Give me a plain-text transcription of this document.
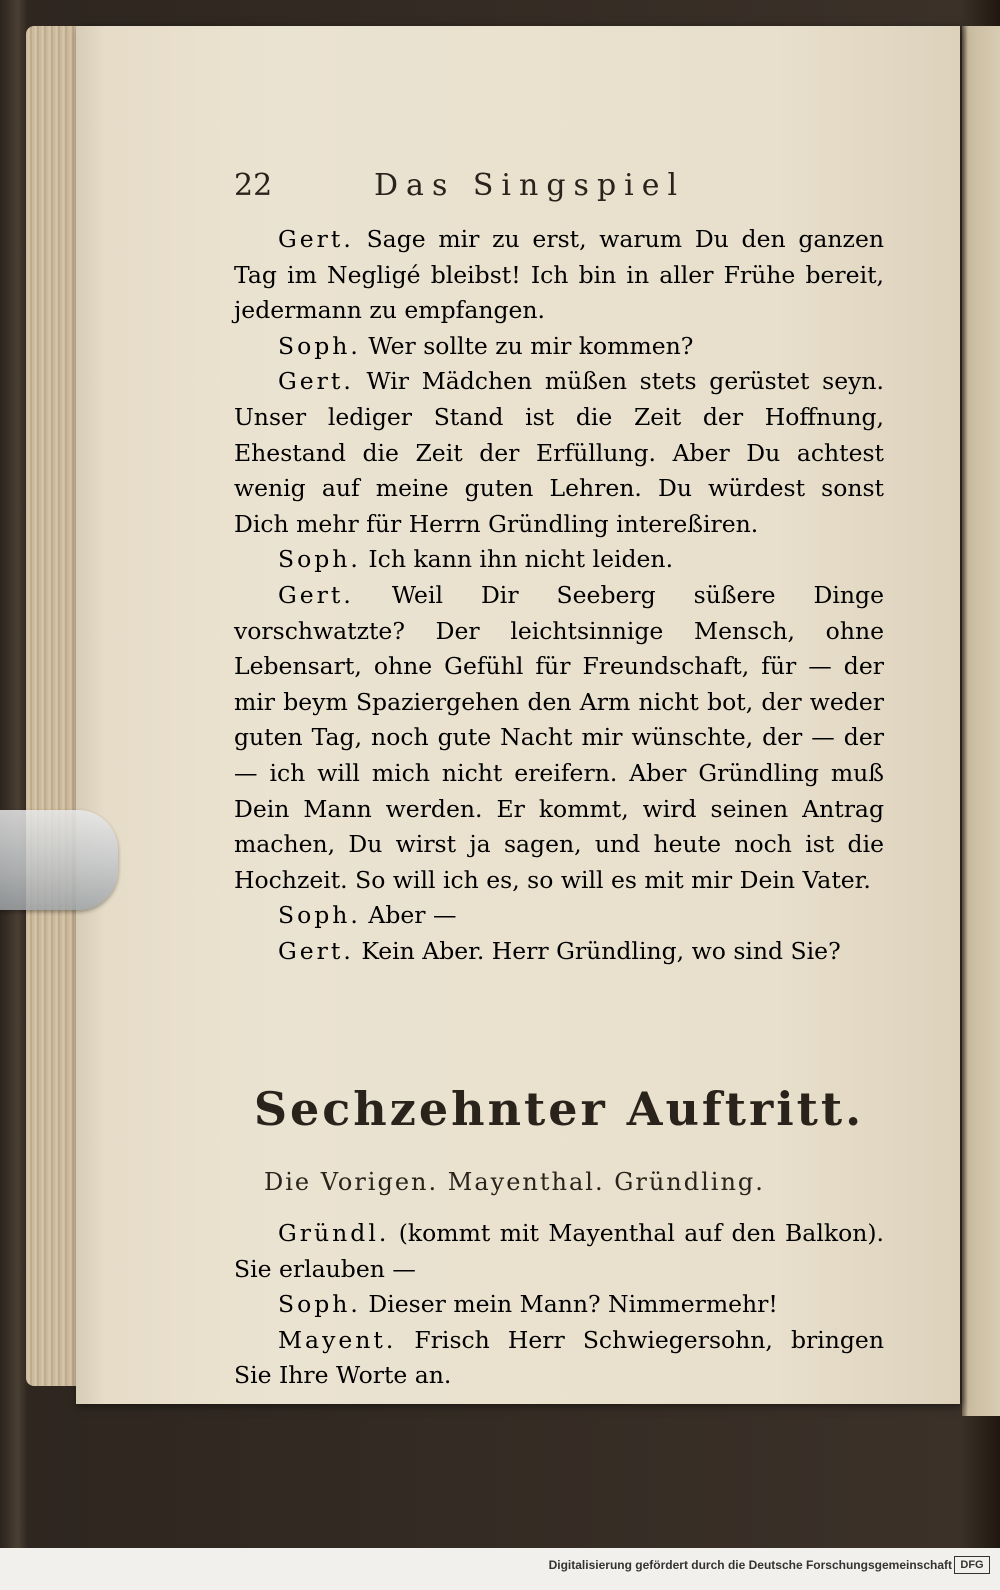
22	Das Singspiel

Gert. Sage mir zu erst, warum Du den ganzen Tag im Negligé bleibst! Ich bin in aller Frühe bereit, jedermann zu empfangen.

Soph. Wer sollte zu mir kommen?

Gert. Wir Mädchen müßen stets gerüstet seyn. Unser lediger Stand ist die Zeit der Hoffnung, Ehestand die Zeit der Erfüllung. Aber Du achtest wenig auf meine guten Lehren. Du würdest sonst Dich mehr für Herrn Gründling intereßiren.

Soph. Ich kann ihn nicht leiden.

Gert. Weil Dir Seeberg süßere Dinge vorschwatzte? Der leichtsinnige Mensch, ohne Lebensart, ohne Gefühl für Freundschaft, für — der mir beym Spaziergehen den Arm nicht bot, der weder guten Tag, noch gute Nacht mir wünschte, der — der — ich will mich nicht ereifern. Aber Gründling muß Dein Mann werden. Er kommt, wird seinen Antrag machen, Du wirst ja sagen, und heute noch ist die Hochzeit. So will ich es, so will es mit mir Dein Vater.

Soph. Aber —

Gert. Kein Aber. Herr Gründling, wo sind Sie?

Sechzehnter Auftritt.
Die Vorigen. Mayenthal. Gründling.

Gründl. (kommt mit Mayenthal auf den Balkon). Sie erlauben —

Soph. Dieser mein Mann? Nimmermehr!

Mayent. Frisch Herr Schwiegersohn, bringen Sie Ihre Worte an.

Digitalisierung gefördert durch die Deutsche Forschungsgemeinschaft DFG
